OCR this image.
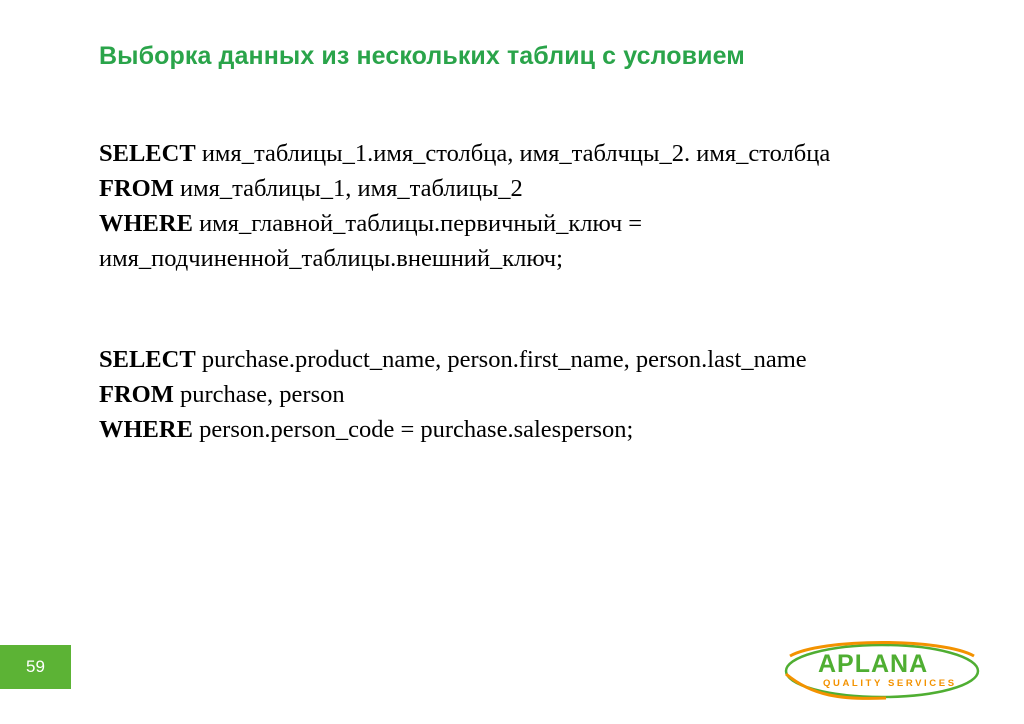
Выборка данных из нескольких таблиц с условием
SELECT имя_таблицы_1.имя_столбца, имя_таблчцы_2. имя_столбца
FROM имя_таблицы_1, имя_таблицы_2
WHERE имя_главной_таблицы.первичный_ключ =
имя_подчиненной_таблицы.внешний_ключ;
SELECT purchase.product_name, person.first_name, person.last_name
FROM purchase, person
WHERE person.person_code = purchase.salesperson;
59	APLANA
QUALITY SERVICES
